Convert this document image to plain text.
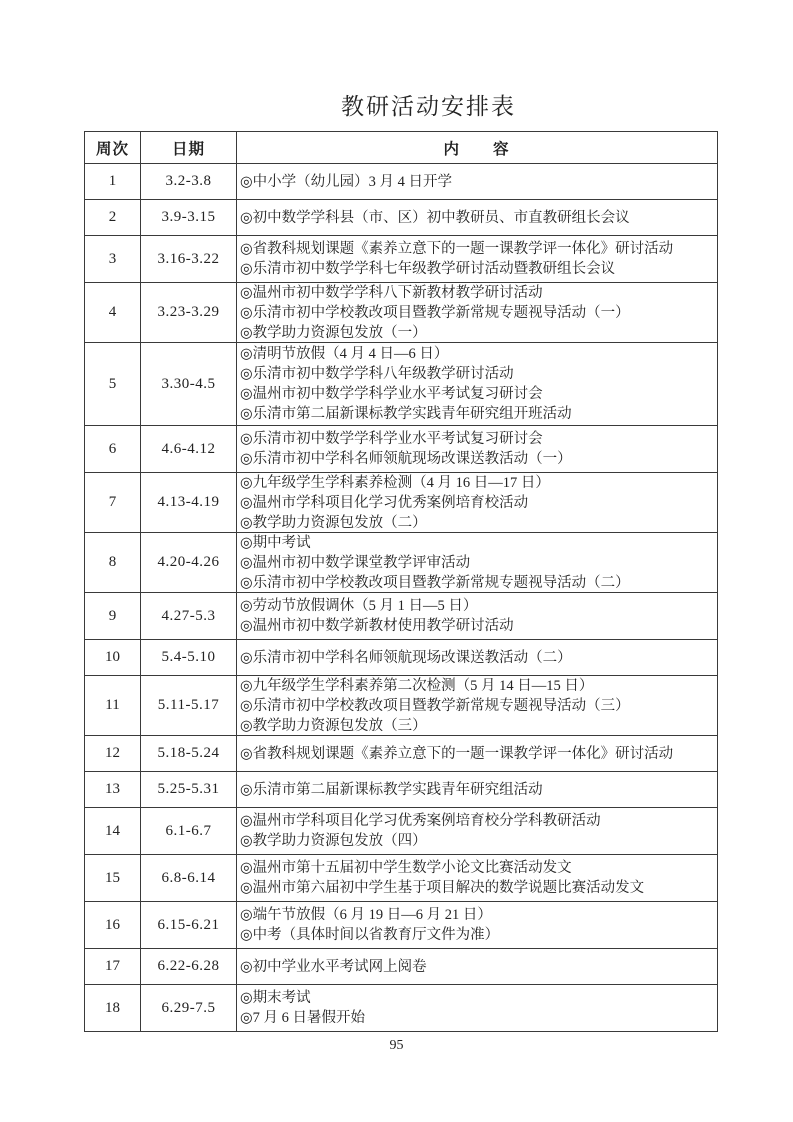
教研活动安排表
周次	日期	内　　容
1	3.2-3.8	◎中小学（幼儿园）3 月 4 日开学
2	3.9-3.15	◎初中数学学科县（市、区）初中教研员、市直教研组长会议
3	3.16-3.22
◎省教科规划课题《素养立意下的一题一课教学评一体化》研讨活动
◎乐清市初中数学学科七年级教学研讨活动暨教研组长会议
4	3.23-3.29
◎温州市初中数学学科八下新教材教学研讨活动
◎乐清市初中学校教改项目暨教学新常规专题视导活动（一）
◎教学助力资源包发放（一）
5	3.30-4.5
◎清明节放假（4 月 4 日—6 日）
◎乐清市初中数学学科八年级教学研讨活动
◎温州市初中数学学科学业水平考试复习研讨会
◎乐清市第二届新课标教学实践青年研究组开班活动
6	4.6-4.12
◎乐清市初中数学学科学业水平考试复习研讨会
◎乐清市初中学科名师领航现场改课送教活动（一）
7	4.13-4.19
◎九年级学生学科素养检测（4 月 16 日—17 日）
◎温州市学科项目化学习优秀案例培育校活动
◎教学助力资源包发放（二）
8	4.20-4.26
◎期中考试
◎温州市初中数学课堂教学评审活动
◎乐清市初中学校教改项目暨教学新常规专题视导活动（二）
9	4.27-5.3
◎劳动节放假调休（5 月 1 日—5 日）
◎温州市初中数学新教材使用教学研讨活动
10	5.4-5.10	◎乐清市初中学科名师领航现场改课送教活动（二）
11	5.11-5.17
◎九年级学生学科素养第二次检测（5 月 14 日—15 日）
◎乐清市初中学校教改项目暨教学新常规专题视导活动（三）
◎教学助力资源包发放（三）
12	5.18-5.24	◎省教科规划课题《素养立意下的一题一课教学评一体化》研讨活动
13	5.25-5.31	◎乐清市第二届新课标教学实践青年研究组活动
14	6.1-6.7
◎温州市学科项目化学习优秀案例培育校分学科教研活动
◎教学助力资源包发放（四）
15	6.8-6.14
◎温州市第十五届初中学生数学小论文比赛活动发文
◎温州市第六届初中学生基于项目解决的数学说题比赛活动发文
16	6.15-6.21
◎端午节放假（6 月 19 日—6 月 21 日）
◎中考（具体时间以省教育厅文件为准）
17	6.22-6.28	◎初中学业水平考试网上阅卷
18	6.29-7.5
◎期末考试
◎7 月 6 日暑假开始
95
